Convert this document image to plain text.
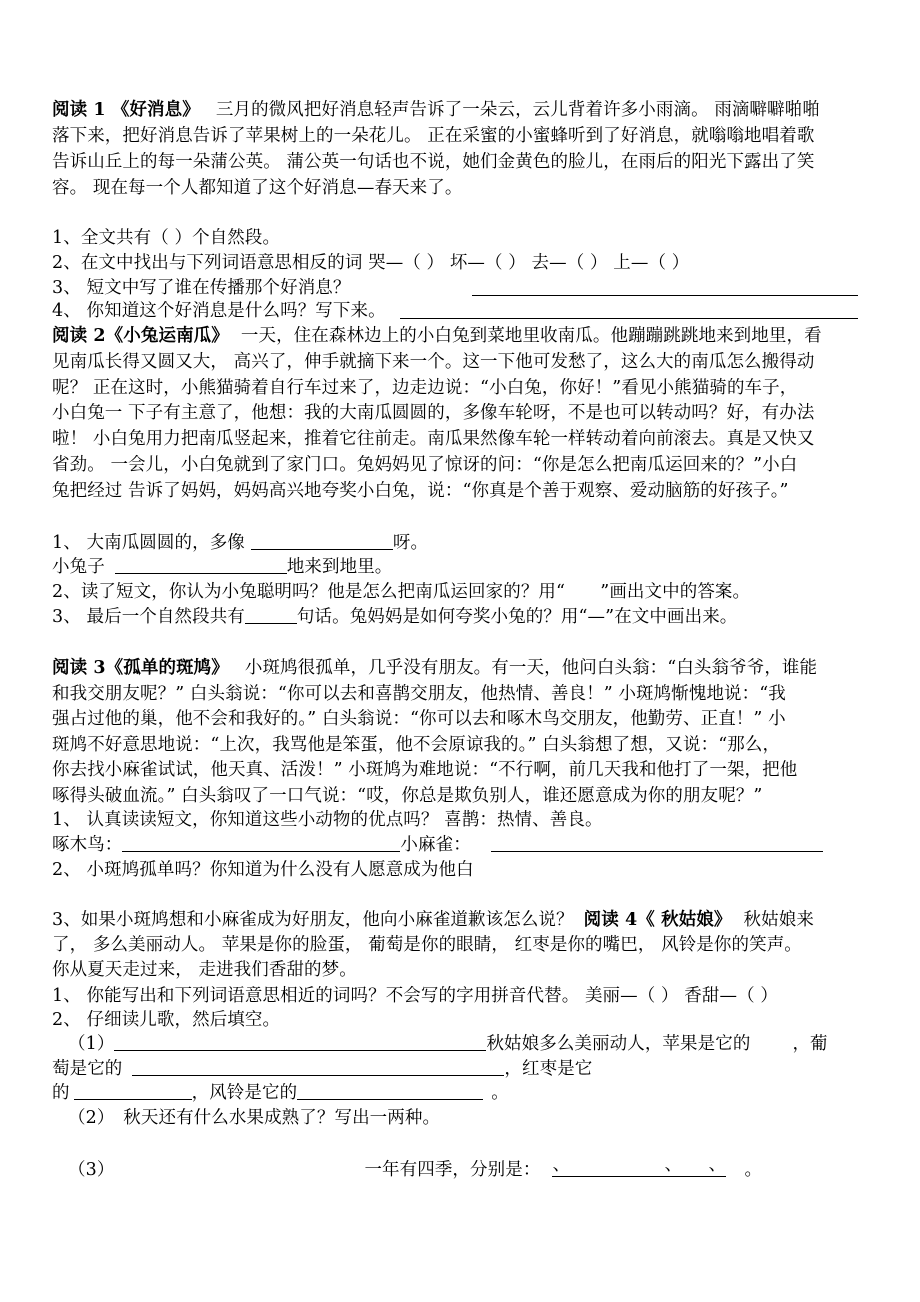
阅读 1 《好消息》 三月的微风把好消息轻声告诉了一朵云，云儿背着许多小雨滴。 雨滴噼噼啪啪
落下来，把好消息告诉了苹果树上的一朵花儿。 正在采蜜的小蜜蜂听到了好消息，就嗡嗡地唱着歌
告诉山丘上的每一朵蒲公英。 蒲公英一句话也不说，她们金黄色的脸儿，在雨后的阳光下露出了笑
容。 现在每一个人都知道了这个好消息—春天来了。
1、全文共有（ ）个自然段。
2、在文中找出与下列词语意思相反的词 哭—（ ） 坏—（ ） 去—（ ） 上—（ ）
3、 短文中写了谁在传播那个好消息？
4、 你知道这个好消息是什么吗？写下来。
阅读 2《小兔运南瓜》 一天，住在森林边上的小白兔到菜地里收南瓜。他蹦蹦跳跳地来到地里，看
见南瓜长得又圆又大， 高兴了，伸手就摘下来一个。这一下他可发愁了，这么大的南瓜怎么搬得动
呢？ 正在这时，小熊猫骑着自行车过来了，边走边说：“小白兔，你好！”看见小熊猫骑的车子，
小白兔一 下子有主意了，他想：我的大南瓜圆圆的，多像车轮呀，不是也可以转动吗？好，有办法
啦！ 小白兔用力把南瓜竖起来，推着它往前走。南瓜果然像车轮一样转动着向前滚去。真是又快又
省劲。 一会儿，小白兔就到了家门口。兔妈妈见了惊讶的问：“你是怎么把南瓜运回来的？”小白
兔把经过 告诉了妈妈，妈妈高兴地夸奖小白兔，说：“你真是个善于观察、爱动脑筋的好孩子。”
1、 大南瓜圆圆的，多像	呀。
小兔子	地来到地里。
2、读了短文，你认为小兔聪明吗？他是怎么把南瓜运回家的？用“　　”画出文中的答案。
3、 最后一个自然段共有	句话。兔妈妈是如何夸奖小兔的？用“—”在文中画出来。
阅读 3《孤单的斑鸠》 小斑鸠很孤单，几乎没有朋友。有一天，他问白头翁：“白头翁爷爷，谁能
和我交朋友呢？” 白头翁说：“你可以去和喜鹊交朋友，他热情、善良！” 小斑鸠惭愧地说：“我
强占过他的巢，他不会和我好的。” 白头翁说：“你可以去和啄木鸟交朋友，他勤劳、正直！” 小
斑鸠不好意思地说：“上次，我骂他是笨蛋，他不会原谅我的。” 白头翁想了想，又说：“那么，
你去找小麻雀试试，他天真、活泼！” 小斑鸠为难地说：“不行啊，前几天我和他打了一架，把他
啄得头破血流。” 白头翁叹了一口气说：“哎，你总是欺负别人，谁还愿意成为你的朋友呢？”
1、 认真读读短文，你知道这些小动物的优点吗？ 喜鹊：热情、善良。
啄木鸟：	小麻雀：
2、 小斑鸠孤单吗？你知道为什么没有人愿意成为他白
3、如果小斑鸠想和小麻雀成为好朋友，他向小麻雀道歉该怎么说？ 阅读 4《 秋姑娘》 秋姑娘来
了， 多么美丽动人。 苹果是你的脸蛋， 葡萄是你的眼睛， 红枣是你的嘴巴， 风铃是你的笑声。
你从夏天走过来， 走进我们香甜的梦。
1、 你能写出和下列词语意思相近的词吗？不会写的字用拼音代替。 美丽—（ ） 香甜—（ ）
2、 仔细读儿歌，然后填空。
（1）	秋姑娘多么美丽动人，苹果是它的 ，葡
萄是它的	，红枣是它
的	，风铃是它的	。
（2）　秋天还有什么水果成熟了？写出一两种。
（3）	一年有四季，分别是： 、	、 、 。
